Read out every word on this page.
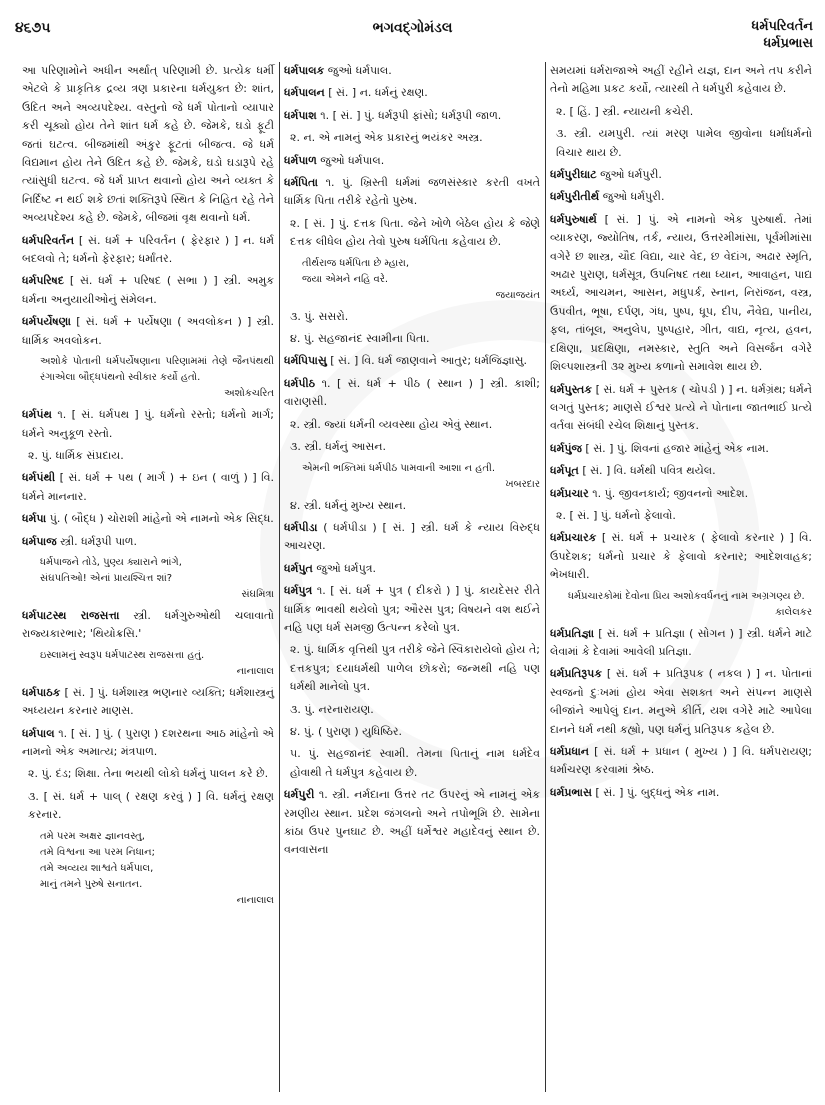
૪૬૭૫	ભગવદ્ગોમંડલ	ધર્મપરિવર્તન
ધર્મપ્રભાસ
આ પરિણામોને અધીન અર્થાત્ પરિણામી છે. પ્રત્યેક ધર્મી એટલે કે પ્રાકૃતિક દ્રવ્ય ત્રણ પ્રકારના ધર્મયુક્ત છે: શાંત, ઉદિત અને અવ્યપદેશ્ય. વસ્તુનો જે ધર્મ પોતાનો વ્યાપાર કરી ચૂક્યો હોય તેને શાંત ધર્મ કહે છે. જેમકે, ઘડો ફૂટી જતાં ઘટત્વ. બીજમાંથી અંકુર ફૂટતાં બીજત્વ. જે ધર્મ વિદ્યમાન હોય તેને ઉદિત કહે છે. જેમકે, ઘડો ઘડારૂપે રહે ત્યાંસુધી ઘટત્વ. જે ધર્મ પ્રાપ્ત થવાનો હોય અને વ્યક્ત કે નિર્દિષ્ટ ન થઈ શકે છતાં શક્તિરૂપે સ્થિત કે નિહિત રહે તેને અવ્યપદેશ્ય કહે છે. જેમકે, બીજમાં વૃક્ષ થવાનો ધર્મ.
ધર્મપરિવર્તન [ સં. ધર્મ + પરિવર્તન ( ફેરફાર ) ] ન. ધર્મ બદલવો તે; ધર્મનો ફેરફાર; ધર્માંતર.
ધર્મપરિષદ [ સં. ધર્મ + પરિષદ ( સભા ) ] સ્ત્રી. અમુક ધર્મના અનુયાયીઓનું સંમેલન.
ધર્મપર્યેષણા [ સં. ધર્મ + પર્યેષણા ( અવલોકન ) ] સ્ત્રી. ધાર્મિક અવલોકન.
અશોકે પોતાની ધર્મપર્યેષણાના પરિણામમાં તેણે જૈનપંથથી રંગાએલા બૌદ્ધપંથનો સ્વીકાર કર્યો હતો.
અશોકચરિત
ધર્મપંથ ૧. [ સં. ધર્મપથ ] પું. ધર્મનો રસ્તો; ધર્મનો માર્ગ; ધર્મને અનુકૂળ રસ્તો.
૨. પું. ધાર્મિક સંપ્રદાય.
ધર્મપંથી [ સં. ધર્મ + પથ ( માર્ગ ) + ઇન ( વાળું ) ] વિ. ધર્મને માનનાર.
ધર્મપા પું. ( બૌદ્ધ ) ચોરાશી માંહેનો એ નામનો એક સિદ્ધ.
ધર્મપાજ સ્ત્રી. ધર્મરૂપી પાળ.
ધર્મપાજને તોડે, પુણ્ય ક્યારાને ભાંગે,
સંઘપતિઓ! એનાં પ્રાયશ્ચિત્ત શાં?
સંઘમિત્રા
ધર્મપાટસ્થ રાજસત્તા સ્ત્રી. ધર્મગુરુઓથી ચલાવાતો રાજ્યકારભાર; 'થિયોક્રસિ.'
ઇસ્લામનું સ્વરૂપ ધર્મપાટસ્થ રાજસત્તા હતું.
નાનાલાલ
ધર્મપાઠક [ સં. ] પું. ધર્મશાસ્ત્ર ભણનાર વ્યક્તિ; ધર્મશાસ્ત્રનું અધ્યયન કરનાર માણસ.
ધર્મપાલ ૧. [ સં. ] પું. ( પુરાણ ) દશરથના આઠ માંહેનો એ નામનો એક અમાત્ય; મંત્રપાળ.
૨. પું. દંડ; શિક્ષા. તેના ભયથી લોકો ધર્મનું પાલન કરે છે.
૩. [ સં. ધર્મ + પાલ્ ( રક્ષણ કરવું ) ] વિ. ધર્મનું રક્ષણ કરનાર.
તમે પરમ અક્ષર જ્ઞાનવસ્તુ,
તમે વિશ્વના આ પરમ નિધાન;
તમે અવ્યય શાશ્વતે ધર્મપાલ,
માનું તમને પુરુષે સનાતન.
નાનાલાલ
ધર્મપાલક જુઓ ધર્મપાલ.
ધર્મપાલન [ સં. ] ન. ધર્મનું રક્ષણ.
ધર્મપાશ ૧. [ સં. ] પું. ધર્મરૂપી ફાંસો; ધર્મરૂપી જાળ.
૨. ન. એ નામનું એક પ્રકારનું ભયંકર અસ્ત્ર.
ધર્મપાળ જુઓ ધર્મપાલ.
ધર્મપિતા ૧. પું. ખ્રિસ્તી ધર્મમાં જળસંસ્કાર કરતી વખતે ધાર્મિક પિતા તરીકે રહેતો પુરુષ.
૨. [ સં. ] પું. દત્તક પિતા. જેને ખોળે બેઠેલ હોય કે જેણે દત્તક લીધેલ હોય તેવો પુરુષ ધર્મપિતા કહેવાય છે.
તીર્થરાજ ધર્મપિતા છે મ્હારા,
જયા એમને નહિ વરે.
જયાજયંત
૩. પું. સસરો.
૪. પું. સહજાનંદ સ્વામીના પિતા.
ધર્મપિપાસુ [ સં. ] વિ. ધર્મ જાણવાને આતુર; ધર્મજિજ્ઞાસુ.
ધર્મપીઠ ૧. [ સં. ધર્મ + પીઠ ( સ્થાન ) ] સ્ત્રી. કાશી; વારાણસી.
૨. સ્ત્રી. જ્યાં ધર્મની વ્યવસ્થા હોય એવું સ્થાન.
૩. સ્ત્રી. ધર્મનું આસન.
એમની ભક્તિમાં ધર્મપીઠ પામવાની આશા ન હતી.
ખબરદાર
૪. સ્ત્રી. ધર્મનું મુખ્ય સ્થાન.
ધર્મપીડા ( ધર્મપીડા ) [ સં. ] સ્ત્રી. ધર્મ કે ન્યાય વિરુદ્ધ આચરણ.
ધર્મપુત જુઓ ધર્મપુત્ર.
ધર્મપુત્ર ૧. [ સં. ધર્મ + પુત્ર ( દીકરો ) ] પું. કાયદેસર રીતે ધાર્મિક ભાવથી થયેલો પુત્ર; ઔરસ પુત્ર; વિષયને વશ થઈને નહિ પણ ધર્મ સમજી ઉત્પન્ન કરેલો પુત્ર.
૨. પું. ધાર્મિક વૃત્તિથી પુત્ર તરીકે જેને સ્વિકારાયેલો હોય તે; દત્તકપુત્ર; દયાધર્મથી પાળેલ છોકરો; જન્મથી નહિ પણ ધર્મથી માનેલો પુત્ર.
૩. પું. નરનારાયણ.
૪. પું. ( પુરાણ ) યુધિષ્ઠિર.
૫. પું. સહજાનંદ સ્વામી. તેમના પિતાનું નામ ધર્મદેવ હોવાથી તે ધર્મપુત્ર કહેવાય છે.
ધર્મપુરી ૧. સ્ત્રી. નર્મદાના ઉત્તર તટ ઉપરનું એ નામનું એક રમણીય સ્થાન. પ્રદેશ જંગલનો અને તપોભૂમિ છે. સામેના કાંઠા ઉપર પુનઘાટ છે. અહીં ધર્મેશ્વર મહાદેવનું સ્થાન છે. વનવાસના
સમયમાં ધર્મરાજાએ અહીં રહીને યજ્ઞ, દાન અને તપ કરીને તેનો મહિમા પ્રકટ કર્યો, ત્યારથી તે ધર્મપુરી કહેવાય છે.
૨. [ હિં. ] સ્ત્રી. ન્યાયની કચેરી.
૩. સ્ત્રી. યમપુરી. ત્યાં મરણ પામેલ જીવોના ધર્માધર્મનો વિચાર થાય છે.
ધર્મપુરીઘાટ જુઓ ધર્મપુરી.
ધર્મપુરીતીર્થ જુઓ ધર્મપુરી.
ધર્મપુરુષાર્થ [ સં. ] પું. એ નામનો એક પુરુષાર્થ. તેમાં વ્યાકરણ, જ્યોતિષ, તર્ક, ન્યાય, ઉત્તરમીમાંસા, પૂર્વમીમાંસા વગેરે છ શાસ્ત્ર, ચૌદ વિદ્યા, ચાર વેદ, છ વેદાંગ, અઢાર સ્મૃતિ, અઢાર પુરાણ, ધર્મસૂત્ર, ઉપનિષદ તથા ધ્યાન, આવાહન, પાદ્ય અર્ઘ્ય, આચમન, આસન, મધુપર્ક, સ્નાન, નિરાંજન, વસ્ત્ર, ઉપવીત, ભૂષા, દર્પણ, ગંધ, પુષ્પ, ધૂપ, દીપ, નૈવેદ્ય, પાનીય, ફલ, તાંબૂલ, અનુલેપ, પુષ્પહાર, ગીત, વાદ્ય, નૃત્ય, હવન, દક્ષિણા, પ્રદક્ષિણા, નમસ્કાર, સ્તુતિ અને વિસર્જન વગેરે શિલ્પશાસ્ત્રની ૩૨ મુખ્ય કળાનો સમાવેશ થાય છે.
ધર્મપુસ્તક [ સં. ધર્મ + પુસ્તક ( ચોપડી ) ] ન. ધર્મગ્રંથ; ધર્મને લગતું પુસ્તક; માણસે ઈશ્વર પ્રત્યે ને પોતાના જાતભાઈ પ્રત્યે વર્તવા સંબંધી રચેલ શિક્ષાનું પુસ્તક.
ધર્મપુંજ [ સં. ] પું. શિવનાં હજાર માંહેનું એક નામ.
ધર્મપૂત [ સં. ] વિ. ધર્મથી પવિત્ર થયેલ.
ધર્મપ્રચાર ૧. પું. જીવનકાર્ય; જીવનનો આદેશ.
૨. [ સં. ] પું. ધર્મનો ફેલાવો.
ધર્મપ્રચારક [ સં. ધર્મ + પ્રચારક ( ફેલાવો કરનાર ) ] વિ. ઉપદેશક; ધર્મનો પ્રચાર કે ફેલાવો કરનાર; આદેશવાહક; ભેખધારી.
ધર્મપ્રચારકોમાં દેવોના પ્રિય અશોકવર્ધનનું નામ અગ્રગણ્ય છે.
કાલેલકર
ધર્મપ્રતિજ્ઞા [ સં. ધર્મ + પ્રતિજ્ઞા ( સોગન ) ] સ્ત્રી. ધર્મને માટે લેવામાં કે દેવામાં આવેલી પ્રતિજ્ઞા.
ધર્મપ્રતિરૂપક [ સં. ધર્મ + પ્રતિરૂપક ( નકલ ) ] ન. પોતાનાં સ્વજનો દુઃખમાં હોય એવા સશક્ત અને સંપન્ન માણસે બીજાંને આપેલું દાન. મનુએ કીર્તિ, યશ વગેરે માટે આપેલા દાનને ધર્મ નથી કહ્યો, પણ ધર્મનું પ્રતિરૂપક કહેલ છે.
ધર્મપ્રધાન [ સં. ધર્મ + પ્રધાન ( મુખ્ય ) ] વિ. ધર્મપરાયણ; ધર્માચરણ કરવામાં શ્રેષ્ઠ.
ધર્મપ્રભાસ [ સં. ] પું. બુદ્ધનું એક નામ.
